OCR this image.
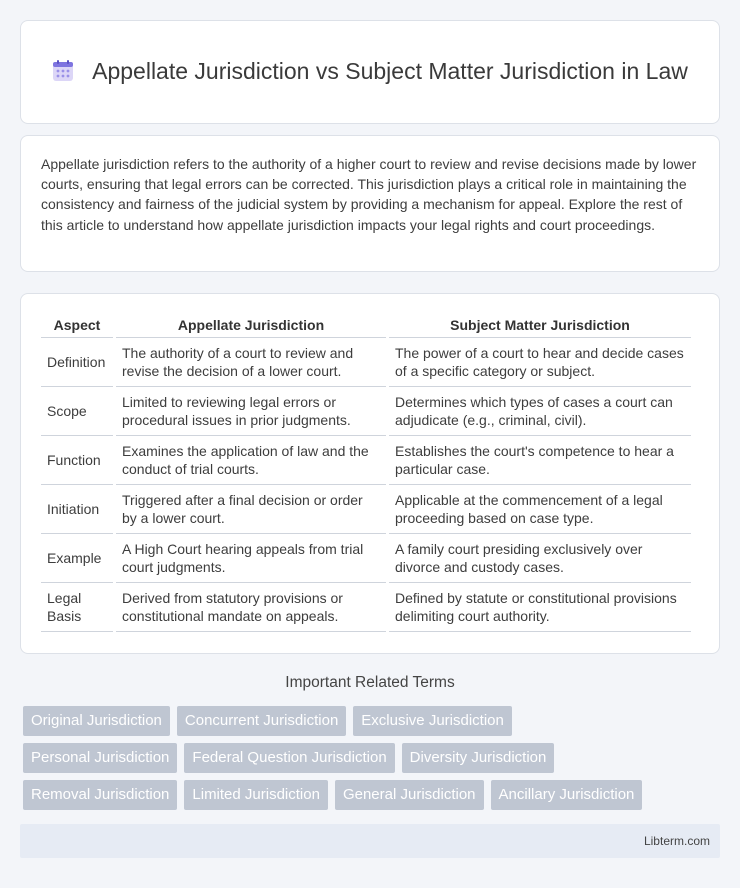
Appellate Jurisdiction vs Subject Matter Jurisdiction in Law

Appellate jurisdiction refers to the authority of a higher court to review and revise decisions made by lower courts, ensuring that legal errors can be corrected. This jurisdiction plays a critical role in maintaining the consistency and fairness of the judicial system by providing a mechanism for appeal. Explore the rest of this article to understand how appellate jurisdiction impacts your legal rights and court proceedings.

Aspect	Appellate Jurisdiction	Subject Matter Jurisdiction
Definition	The authority of a court to review and revise the decision of a lower court.	The power of a court to hear and decide cases of a specific category or subject.
Scope	Limited to reviewing legal errors or procedural issues in prior judgments.	Determines which types of cases a court can adjudicate (e.g., criminal, civil).
Function	Examines the application of law and the conduct of trial courts.	Establishes the court's competence to hear a particular case.
Initiation	Triggered after a final decision or order by a lower court.	Applicable at the commencement of a legal proceeding based on case type.
Example	A High Court hearing appeals from trial court judgments.	A family court presiding exclusively over divorce and custody cases.
Legal Basis	Derived from statutory provisions or constitutional mandate on appeals.	Defined by statute or constitutional provisions delimiting court authority.
Important Related Terms
Original Jurisdiction	Concurrent Jurisdiction	Exclusive Jurisdiction
Personal Jurisdiction	Federal Question Jurisdiction	Diversity Jurisdiction
Removal Jurisdiction	Limited Jurisdiction	General Jurisdiction	Ancillary Jurisdiction
Libterm.com
